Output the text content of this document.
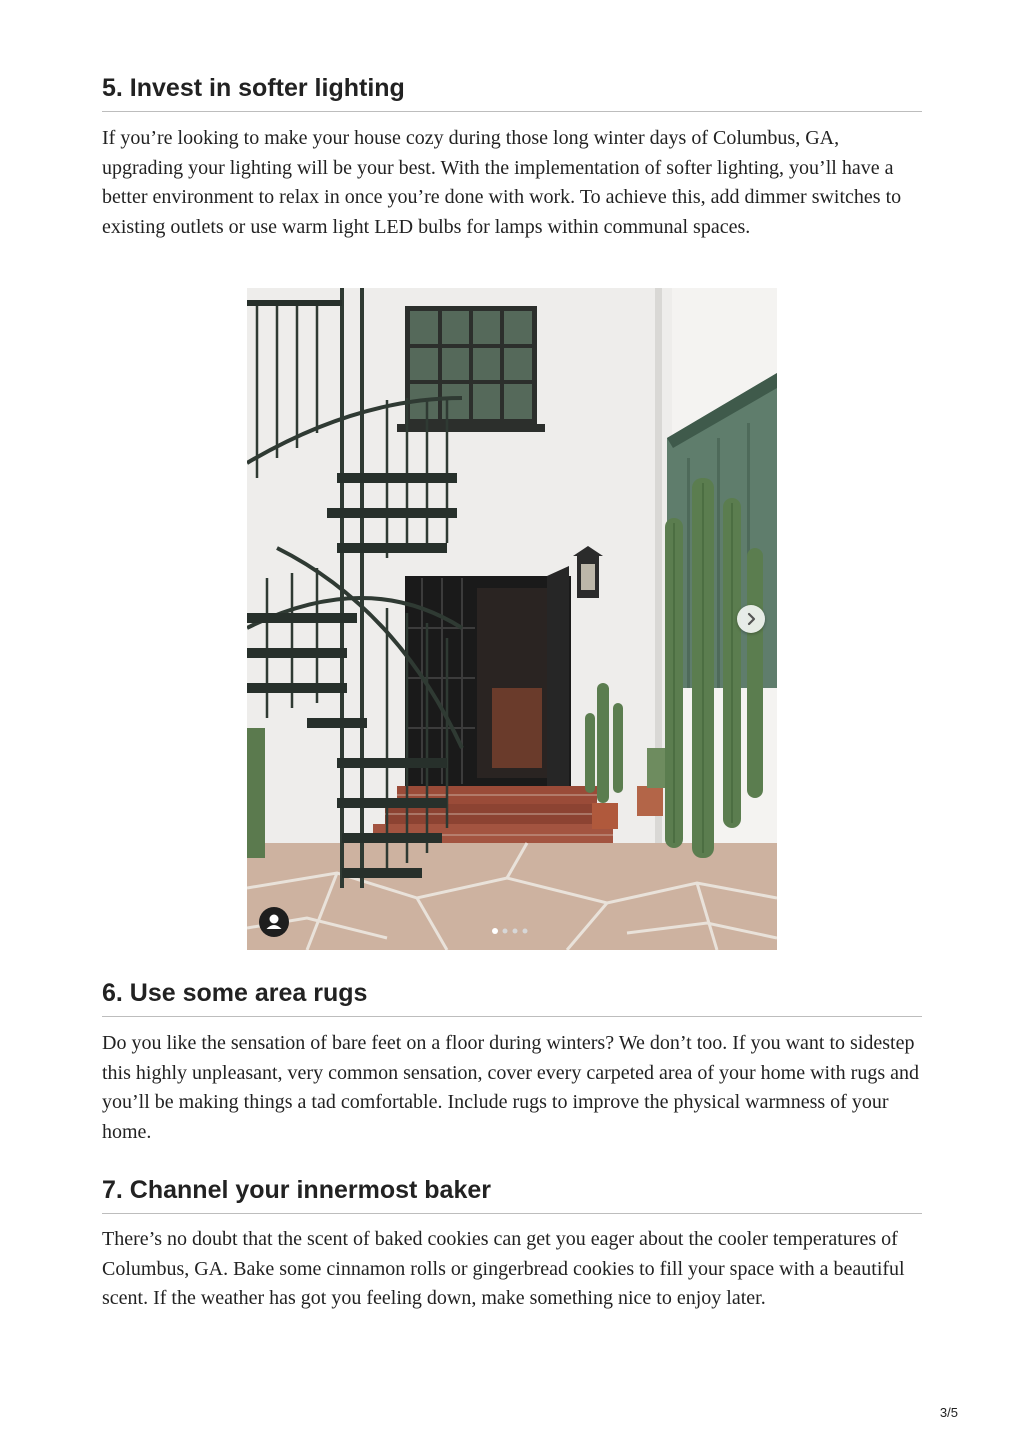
5. Invest in softer lighting

If you’re looking to make your house cozy during those long winter days of Columbus, GA, upgrading your lighting will be your best. With the implementation of softer lighting, you’ll have a better environment to relax in once you’re done with work. To achieve this, add dimmer switches to existing outlets or use warm light LED bulbs for lamps within communal spaces.

6. Use some area rugs

Do you like the sensation of bare feet on a floor during winters? We don’t too. If you want to sidestep this highly unpleasant, very common sensation, cover every carpeted area of your home with rugs and you’ll be making things a tad comfortable. Include rugs to improve the physical warmness of your home.

7. Channel your innermost baker

There’s no doubt that the scent of baked cookies can get you eager about the cooler temperatures of Columbus, GA. Bake some cinnamon rolls or gingerbread cookies to fill your space with a beautiful scent. If the weather has got you feeling down, make something nice to enjoy later.

3/5
